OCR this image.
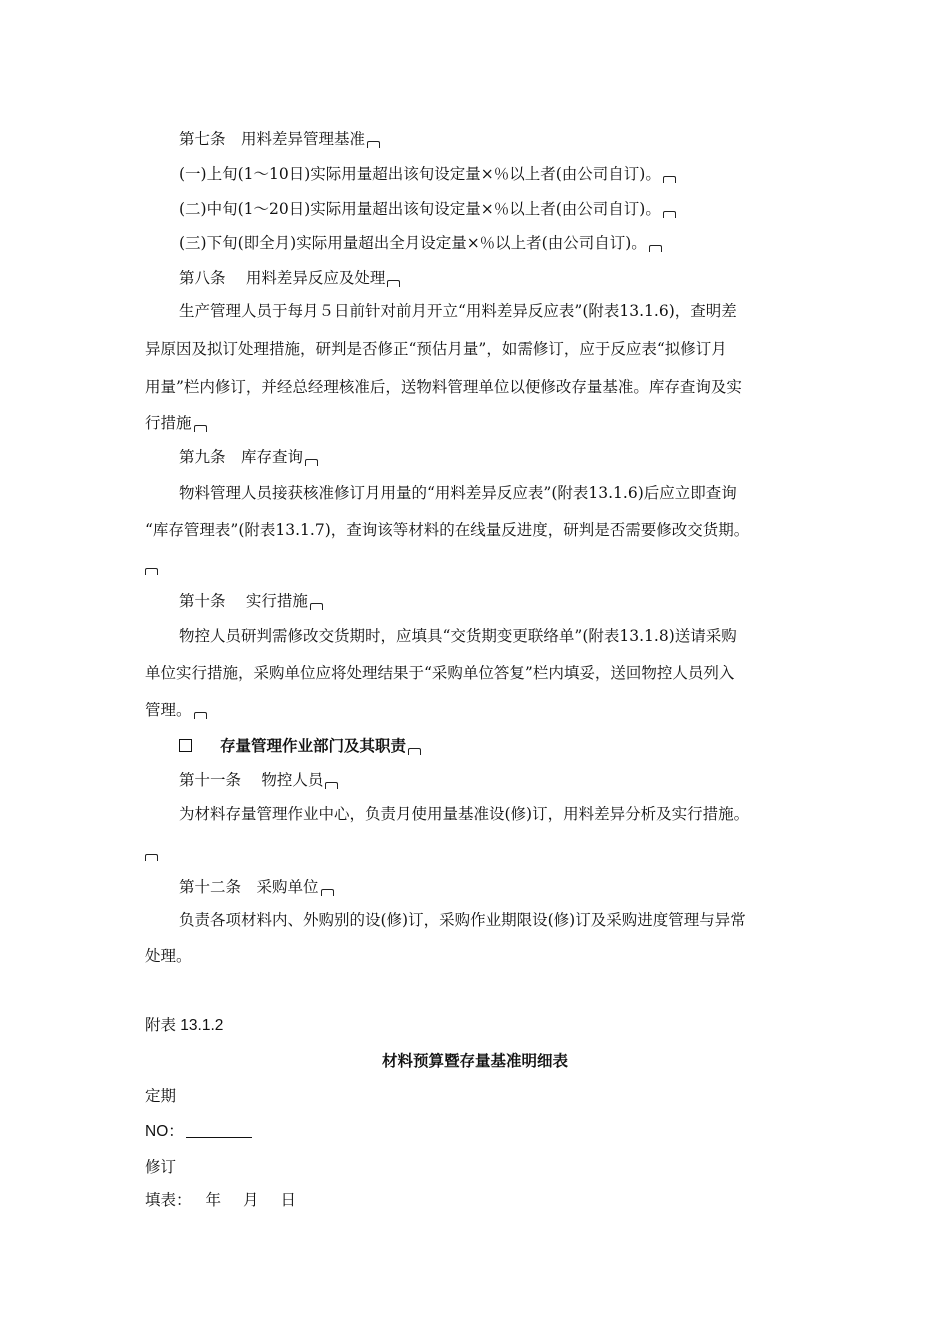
第七条　用料差异管理基准
(一)上旬(1～10日)实际用量超出该旬设定量×％以上者(由公司自订)。
(二)中旬(1～20日)实际用量超出该旬设定量×％以上者(由公司自订)。
(三)下旬(即全月)实际用量超出全月设定量×％以上者(由公司自订)。
第八条　 用料差异反应及处理
生产管理人员于每月５日前针对前月开立“用料差异反应表”(附表13.1.6)，查明差
异原因及拟订处理措施，研判是否修正“预估月量”，如需修订，应于反应表“拟修订月
用量”栏内修订，并经总经理核准后，送物料管理单位以便修改存量基准。库存查询及实
行措施
第九条　库存查询
物料管理人员接获核准修订月用量的“用料差异反应表”(附表13.1.6)后应立即查询
“库存管理表”(附表13.1.7)，查询该等材料的在线量反进度，研判是否需要修改交货期。
第十条　 实行措施
物控人员研判需修改交货期时，应填具“交货期变更联络单”(附表13.1.8)送请采购
单位实行措施，采购单位应将处理结果于“采购单位答复”栏内填妥，送回物控人员列入
管理。
存量管理作业部门及其职责
第十一条　 物控人员
为材料存量管理作业中心，负责月使用量基准设(修)订，用料差异分析及实行措施。
第十二条　采购单位
负责各项材料内、外购别的设(修)订，采购作业期限设(修)订及采购进度管理与异常
处理。
附表 13.1.2
材料预算暨存量基准明细表
定期
NO：
修订
填表： 年 月 日
